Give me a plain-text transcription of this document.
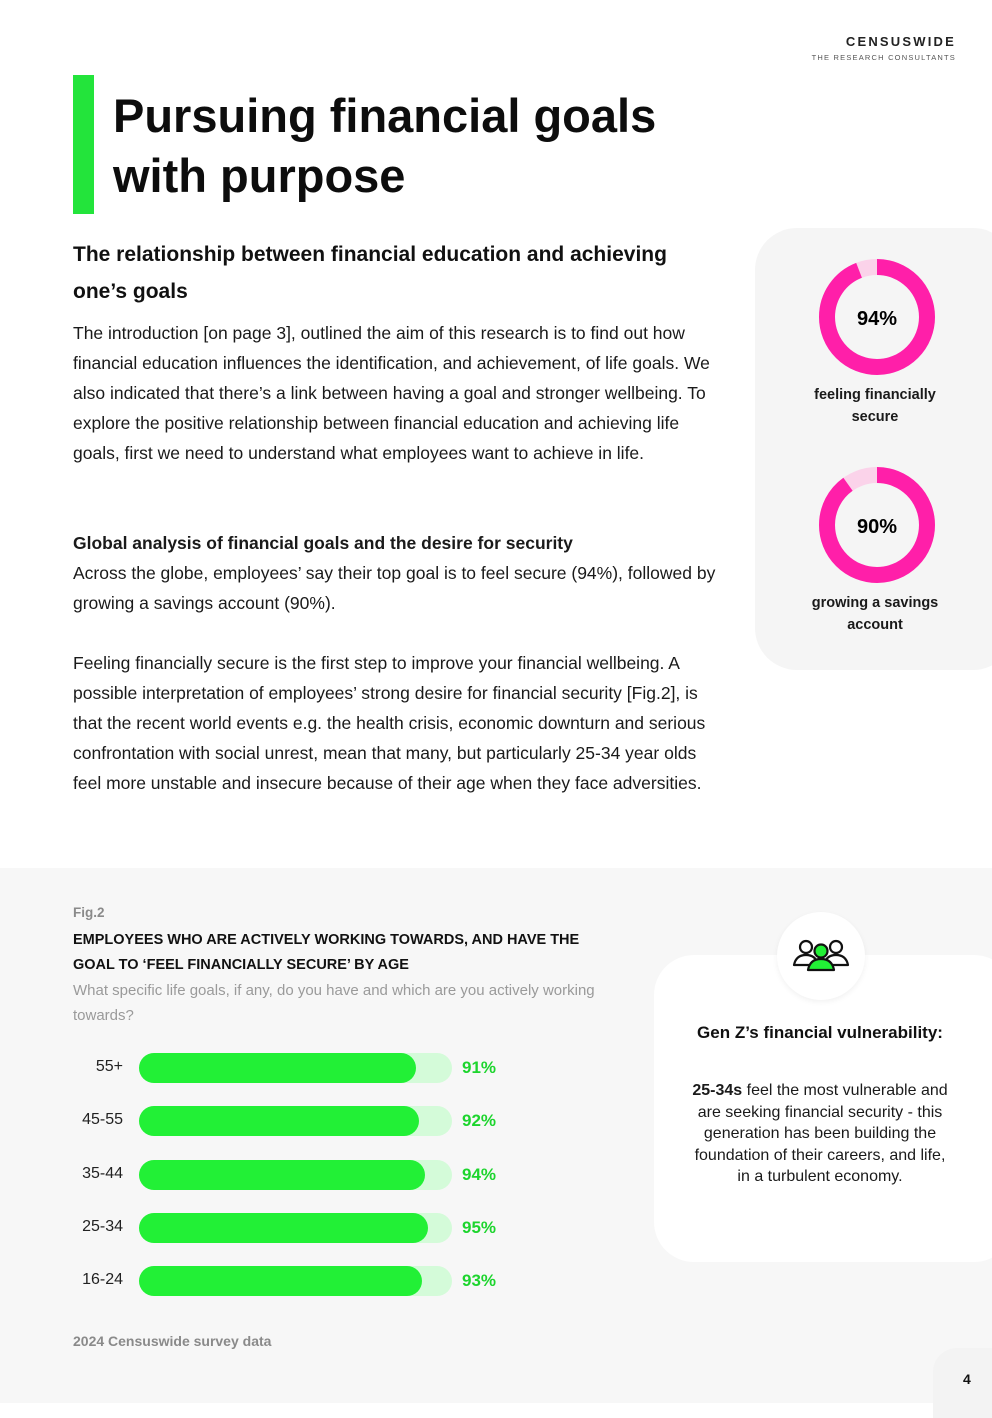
CENSUSWIDE
THE RESEARCH CONSULTANTS
Pursuing financial goals with purpose
The relationship between financial education and achieving one’s goals

The introduction [on page 3], outlined the aim of this research is to find out how financial education influences the identification, and achievement, of life goals. We also indicated that there’s a link between having a goal and stronger wellbeing. To explore the positive relationship between financial education and achieving life goals, first we need to understand what employees want to achieve in life.

Global analysis of financial goals and the desire for security
Across the globe, employees’ say their top goal is to feel secure (94%), followed by growing a savings account (90%).

Feeling financially secure is the first step to improve your financial wellbeing. A possible interpretation of employees’ strong desire for financial security [Fig.2], is that the recent world events e.g. the health crisis, economic downturn and serious confrontation with social unrest, mean that many, but particularly 25-34 year olds feel more unstable and insecure because of their age when they face adversities.

94%
feeling financially secure
90%
growing a savings account
Fig.2

EMPLOYEES WHO ARE ACTIVELY WORKING TOWARDS, AND HAVE THE GOAL TO ‘FEEL FINANCIALLY SECURE’ BY AGE

What specific life goals, if any, do you have and which are you actively working towards?

55+	91%
45-55	92%
35-44	94%
25-34	95%
16-24	93%
2024 Censuswide survey data

Gen Z’s financial vulnerability:

25-34s feel the most vulnerable and are seeking financial security - this generation has been building the foundation of their careers, and life, in a turbulent economy.

4
